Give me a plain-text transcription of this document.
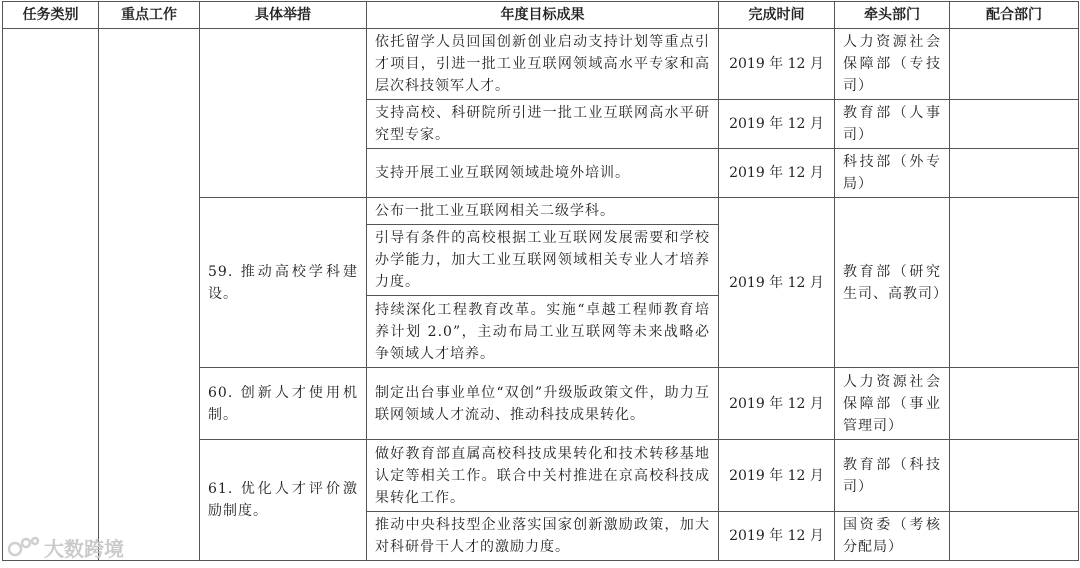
任务类别	重点工作	具体举措	年度目标成果	完成时间	牵头部门	配合部门
			依托留学人员回国创新创业启动支持计划等重点引才项目，引进一批工业互联网领域高水平专家和高层次科技领军人才。	2019 年 12 月	人力资源社会保障部（专技司）	
			支持高校、科研院所引进一批工业互联网高水平研究型专家。	2019 年 12 月	教育部（人事司）	
			支持开展工业互联网领域赴境外培训。	2019 年 12 月	科技部（外专局）	
		59. 推动高校学科建设。	公布一批工业互联网相关二级学科。	2019 年 12 月	教育部（研究生司、高教司）	
			引导有条件的高校根据工业互联网发展需要和学校办学能力，加大工业互联网领域相关专业人才培养力度。			
			持续深化工程教育改革。实施“卓越工程师教育培养计划 2.0”，主动布局工业互联网等未来战略必争领域人才培养。			
		60. 创新人才使用机制。	制定出台事业单位“双创”升级版政策文件，助力互联网领域人才流动、推动科技成果转化。	2019 年 12 月	人力资源社会保障部（事业管理司）	
		61. 优化人才评价激励制度。	做好教育部直属高校科技成果转化和技术转移基地认定等相关工作。联合中关村推进在京高校科技成果转化工作。	2019 年 12 月	教育部（科技司）	
			推动中央科技型企业落实国家创新激励政策，加大对科研骨干人才的激励力度。	2019 年 12 月	国资委（考核分配局）	
大数跨境
